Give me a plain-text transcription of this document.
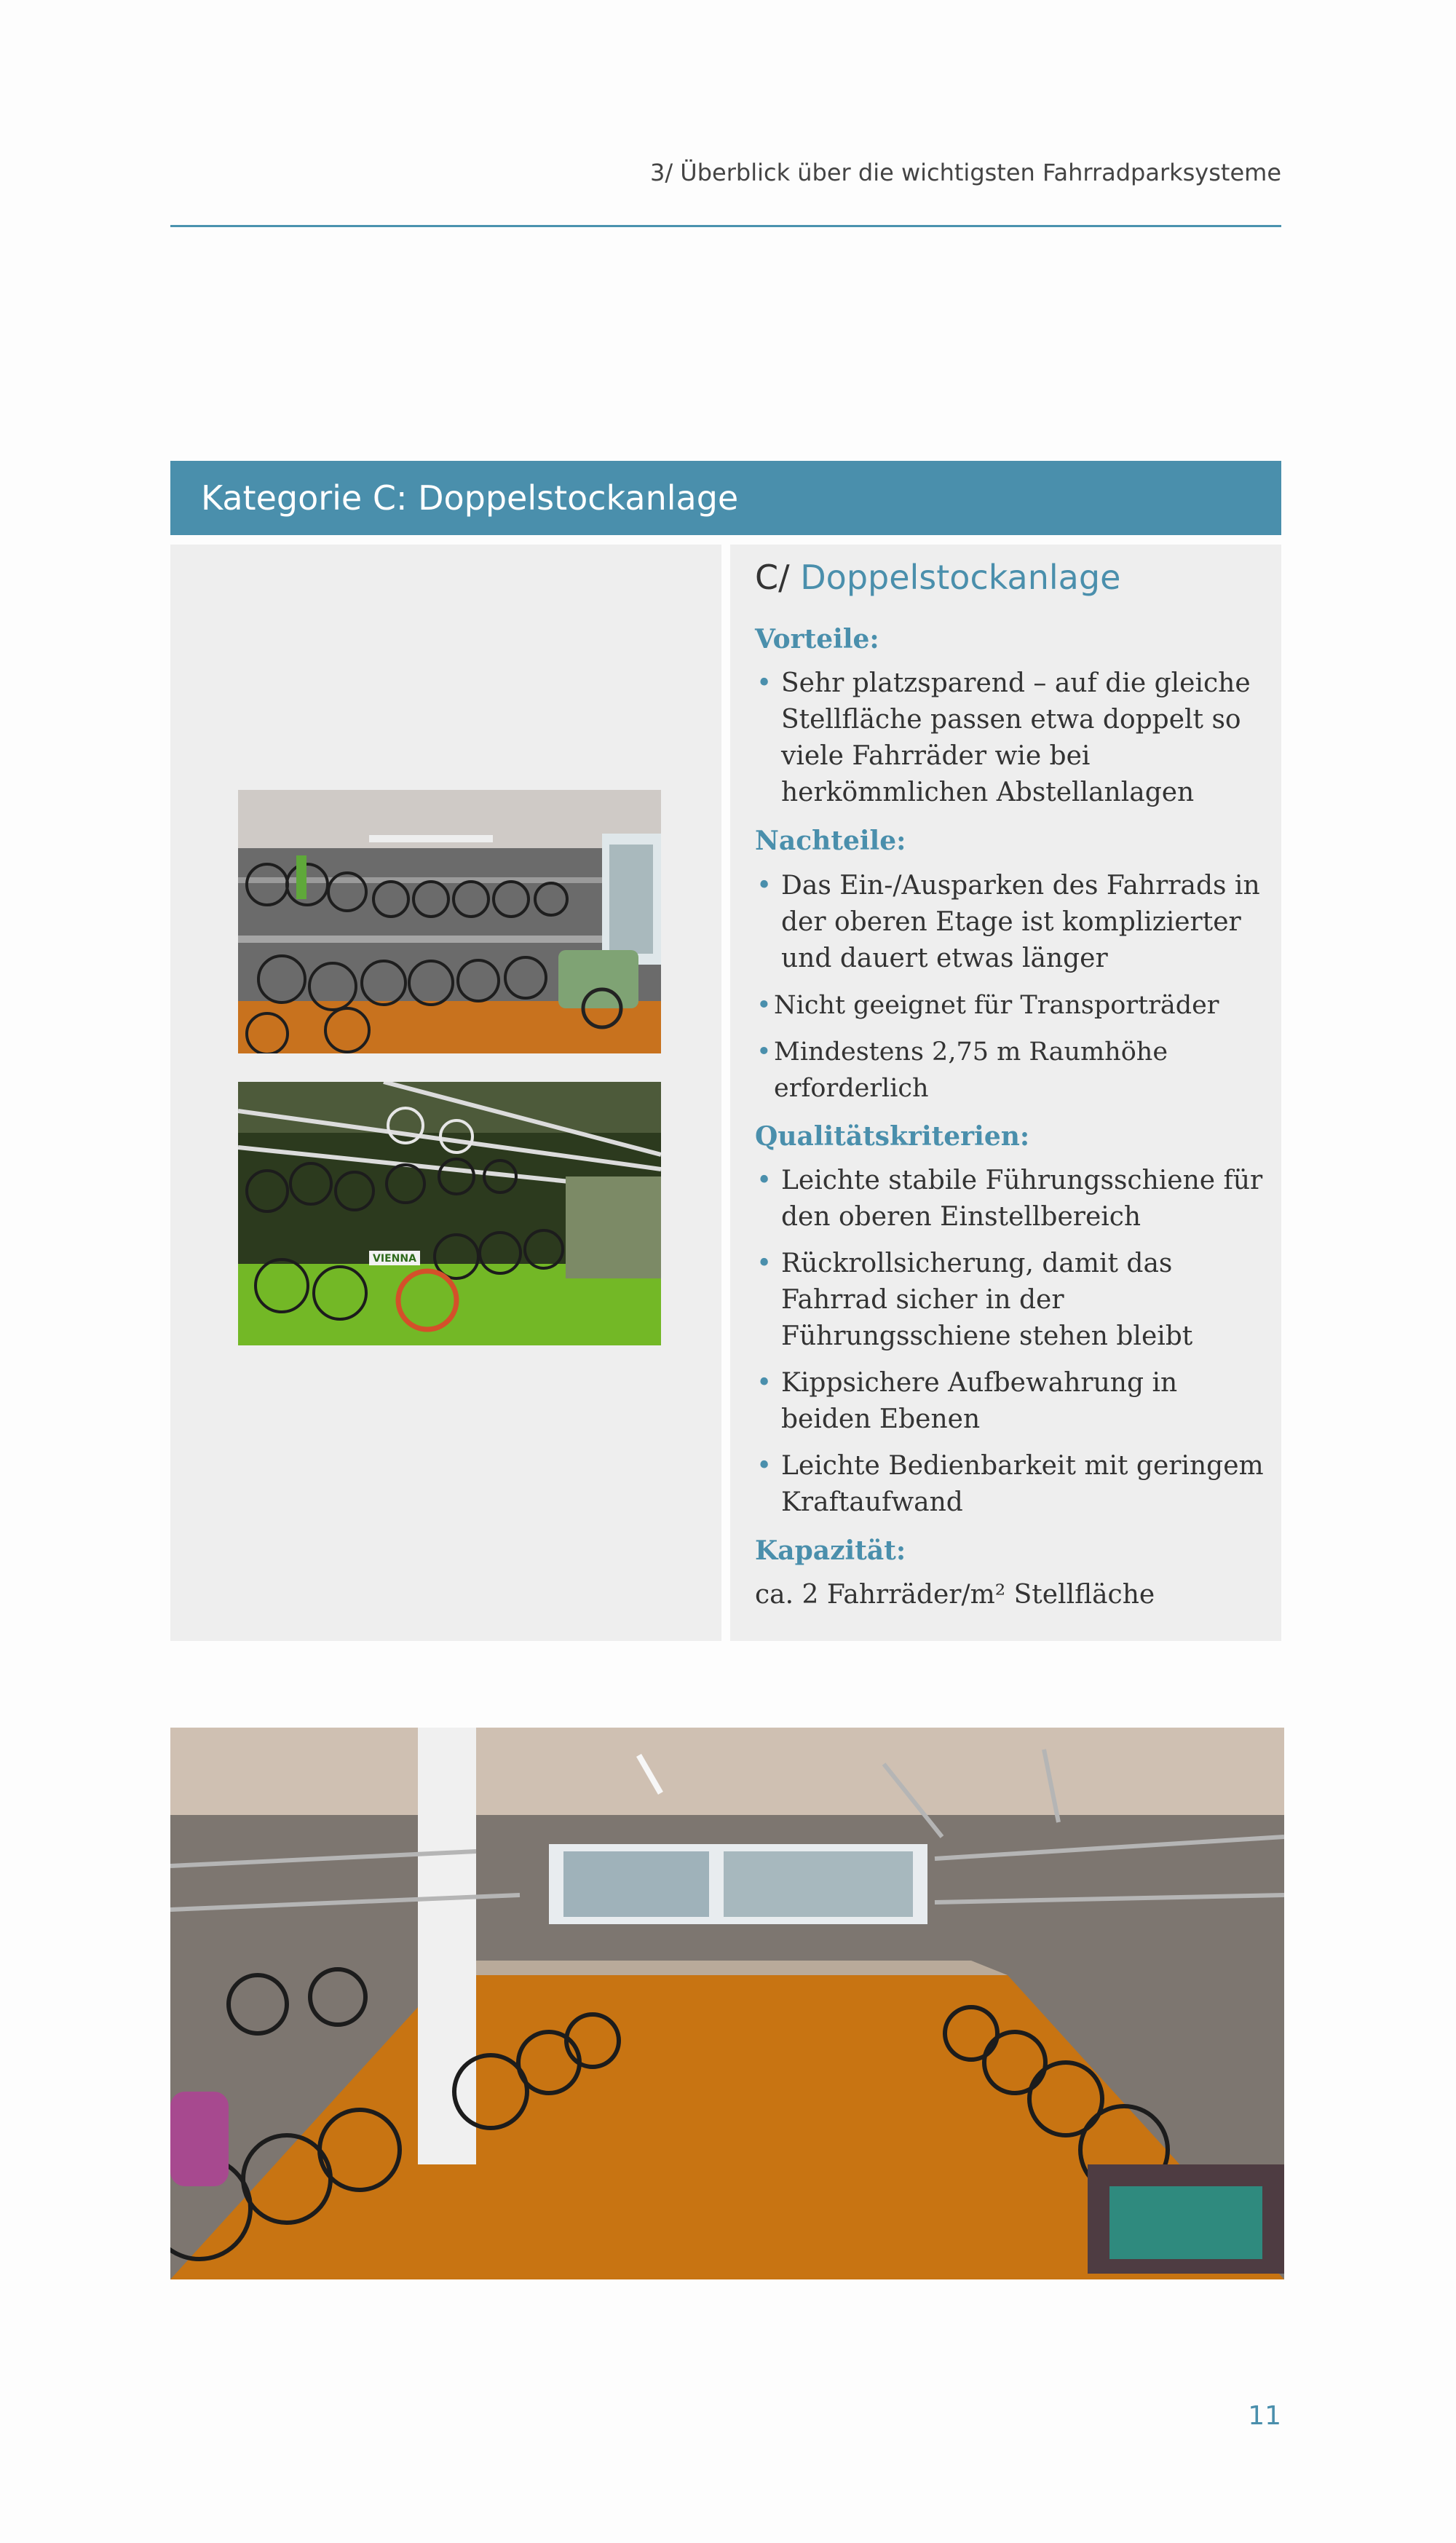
3/ Überblick über die wichtigsten Fahrradparksysteme
Kategorie C: Doppelstockanlage
VIENNA
C/ Doppelstockanlage
Vorteile:
• Sehr platzsparend – auf die gleiche Stellfläche passen etwa doppelt so viele Fahrräder wie bei herkömmlichen Abstellanlagen
Nachteile:
• Das Ein-/Ausparken des Fahrrads in der oberen Etage ist komplizierter und dauert etwas länger
• Nicht geeignet für Transporträder
• Mindestens 2,75 m Raumhöhe erforderlich
Qualitätskriterien:
• Leichte stabile Führungsschiene für den oberen Einstellbereich
• Rückrollsicherung, damit das Fahrrad sicher in der Führungsschiene stehen bleibt
• Kippsichere Aufbewahrung in beiden Ebenen
• Leichte Bedienbarkeit mit geringem Kraftaufwand
Kapazität:
ca. 2 Fahrräder/m² Stellfläche
11
